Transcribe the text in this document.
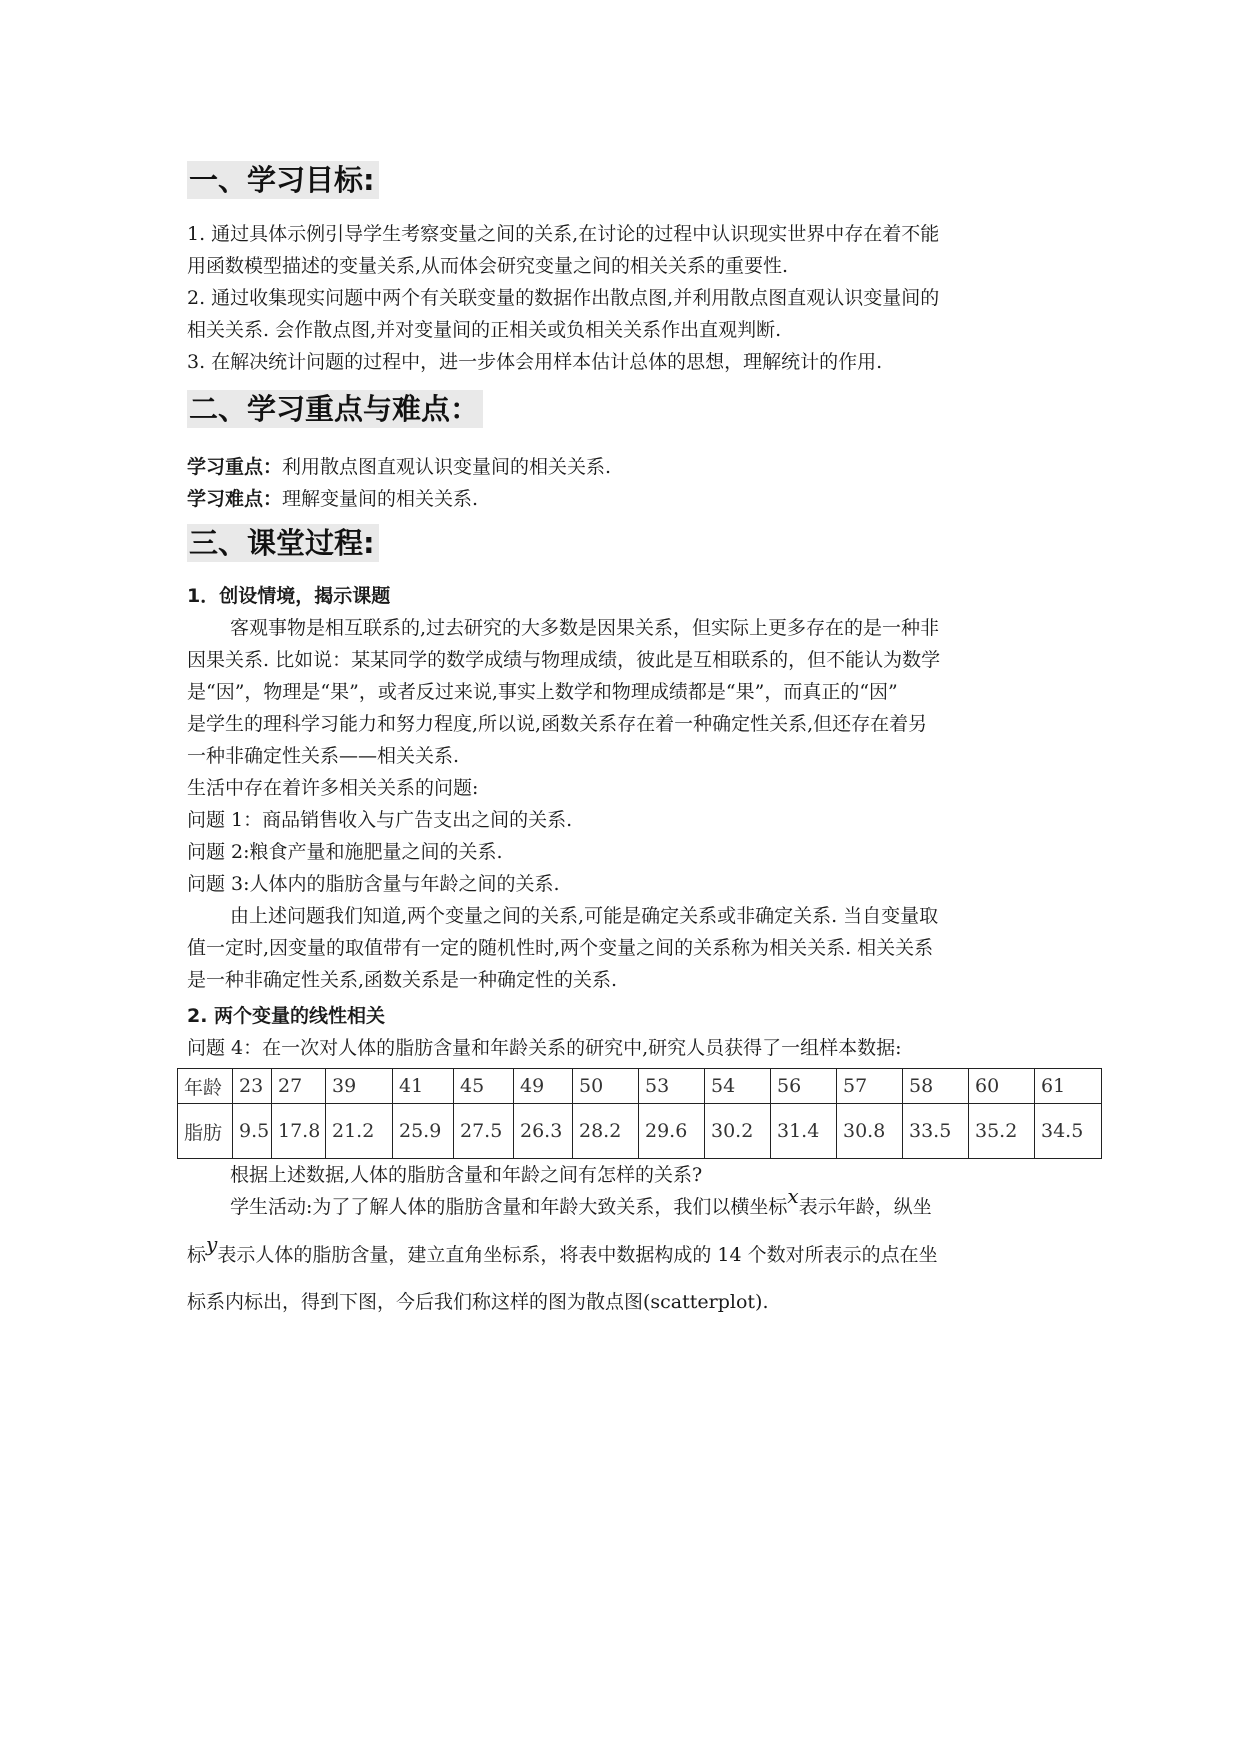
一、学习目标:
1. 通过具体示例引导学生考察变量之间的关系,在讨论的过程中认识现实世界中存在着不能
用函数模型描述的变量关系,从而体会研究变量之间的相关关系的重要性.
2. 通过收集现实问题中两个有关联变量的数据作出散点图,并利用散点图直观认识变量间的
相关关系. 会作散点图,并对变量间的正相关或负相关关系作出直观判断.
3. 在解决统计问题的过程中，进一步体会用样本估计总体的思想，理解统计的作用.
二、学习重点与难点：
学习重点：利用散点图直观认识变量间的相关关系.
学习难点：理解变量间的相关关系.
三、课堂过程:
1．创设情境，揭示课题
客观事物是相互联系的,过去研究的大多数是因果关系，但实际上更多存在的是一种非
因果关系. 比如说：某某同学的数学成绩与物理成绩，彼此是互相联系的，但不能认为数学
是“因”，物理是“果”，或者反过来说,事实上数学和物理成绩都是“果”，而真正的“因”
是学生的理科学习能力和努力程度,所以说,函数关系存在着一种确定性关系,但还存在着另
一种非确定性关系——相关关系.
生活中存在着许多相关关系的问题:
问题 1：商品销售收入与广告支出之间的关系.
问题 2:粮食产量和施肥量之间的关系.
问题 3:人体内的脂肪含量与年龄之间的关系.
由上述问题我们知道,两个变量之间的关系,可能是确定关系或非确定关系. 当自变量取
值一定时,因变量的取值带有一定的随机性时,两个变量之间的关系称为相关关系. 相关关系
是一种非确定性关系,函数关系是一种确定性的关系.
2. 两个变量的线性相关
问题 4：在一次对人体的脂肪含量和年龄关系的研究中,研究人员获得了一组样本数据:
年龄	23	27	39	41	45	49	50	53	54	56	57	58	60	61
脂肪	9.5	17.8	21.2	25.9	27.5	26.3	28.2	29.6	30.2	31.4	30.8	33.5	35.2	34.5
根据上述数据,人体的脂肪含量和年龄之间有怎样的关系?
学生活动:为了了解人体的脂肪含量和年龄大致关系，我们以横坐标x表示年龄，纵坐
标y表示人体的脂肪含量，建立直角坐标系，将表中数据构成的 14 个数对所表示的点在坐
标系内标出，得到下图，今后我们称这样的图为散点图(scatterplot).
